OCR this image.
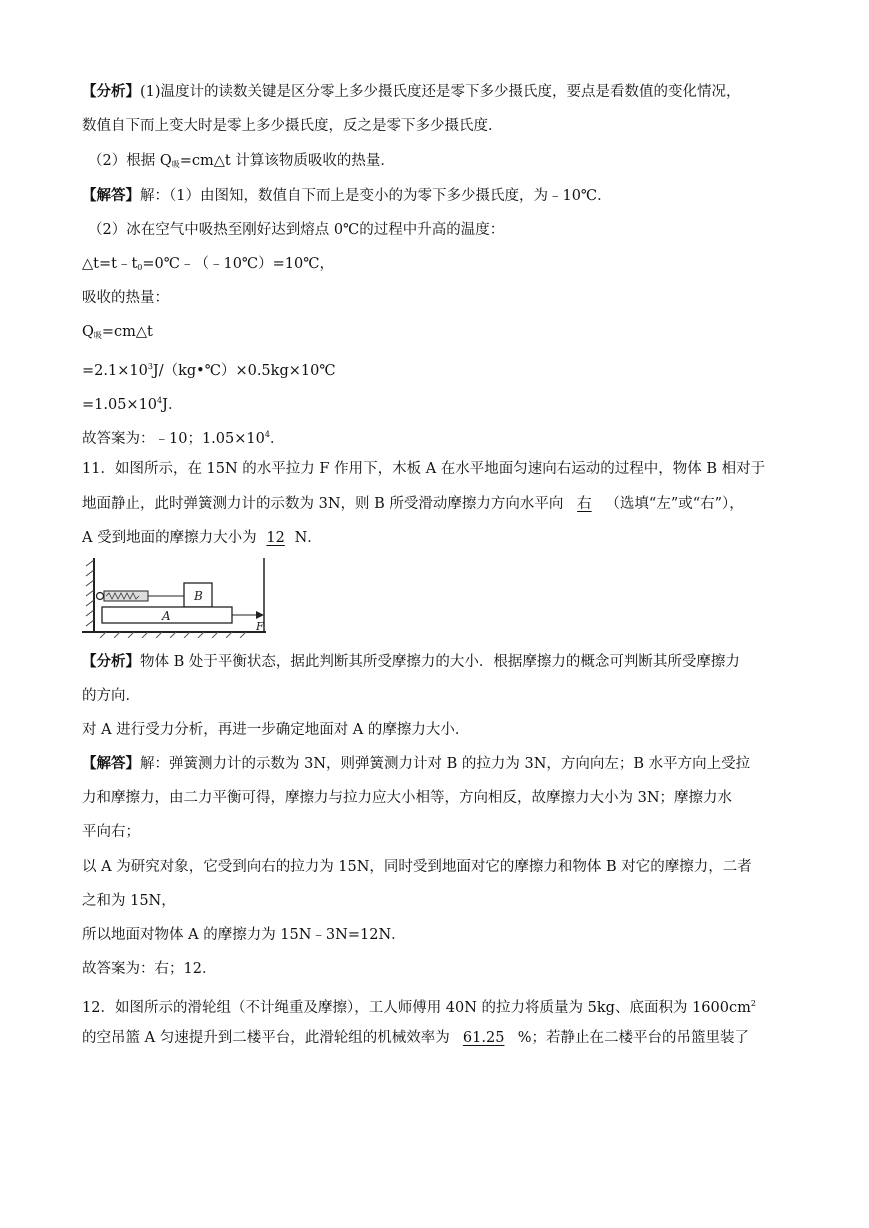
【分析】(1)温度计的读数关键是区分零上多少摄氏度还是零下多少摄氏度，要点是看数值的变化情况，
数值自下而上变大时是零上多少摄氏度，反之是零下多少摄氏度．
（2）根据 $Q_吸=cm\triangle t$ 计算该物质吸收的热量．
【解答】解：（1）由图知，数值自下而上是变小的为零下多少摄氏度，为﹣10℃．
（2）冰在空气中吸热至刚好达到熔点 0℃的过程中升高的温度：
$\triangle t=t﹣t_0=0℃﹣(﹣10℃)=10℃$，
吸收的热量：
$Q_吸=cm\triangle t$
$=2.1\times 10^3J/(kg•℃)\times 0.5kg\times 10℃$
$=1.05\times 10^4J$．
故答案为：﹣10；$1.05\times 10^4$．
11．如图所示，在 15N 的水平拉力 F 作用下，木板 A 在水平地面匀速向右运动的过程中，物体 B 相对于
地面静止，此时弹簧测力计的示数为 3N，则 B 所受滑动摩擦力方向水平向 右 （选填“左”或“右”），
A 受到地面的摩擦力大小为 12 N．
B
A
F
【分析】物体 B 处于平衡状态，据此判断其所受摩擦力的大小．根据摩擦力的概念可判断其所受摩擦力
的方向．
对 A 进行受力分析，再进一步确定地面对 A 的摩擦力大小．
【解答】解：弹簧测力计的示数为 3N，则弹簧测力计对 B 的拉力为 3N，方向向左；B 水平方向上受拉
力和摩擦力，由二力平衡可得，摩擦力与拉力应大小相等，方向相反，故摩擦力大小为 3N；摩擦力水
平向右；
以 A 为研究对象，它受到向右的拉力为 15N，同时受到地面对它的摩擦力和物体 B 对它的摩擦力，二者
之和为 15N，
所以地面对物体 A 的摩擦力为 15N﹣3N=12N．
故答案为：右；12．
12．如图所示的滑轮组（不计绳重及摩擦），工人师傅用 40N 的拉力将质量为 5kg、底面积为 $1600cm^2$
的空吊篮 A 匀速提升到二楼平台，此滑轮组的机械效率为 61.25 %；若静止在二楼平台的吊篮里装了
